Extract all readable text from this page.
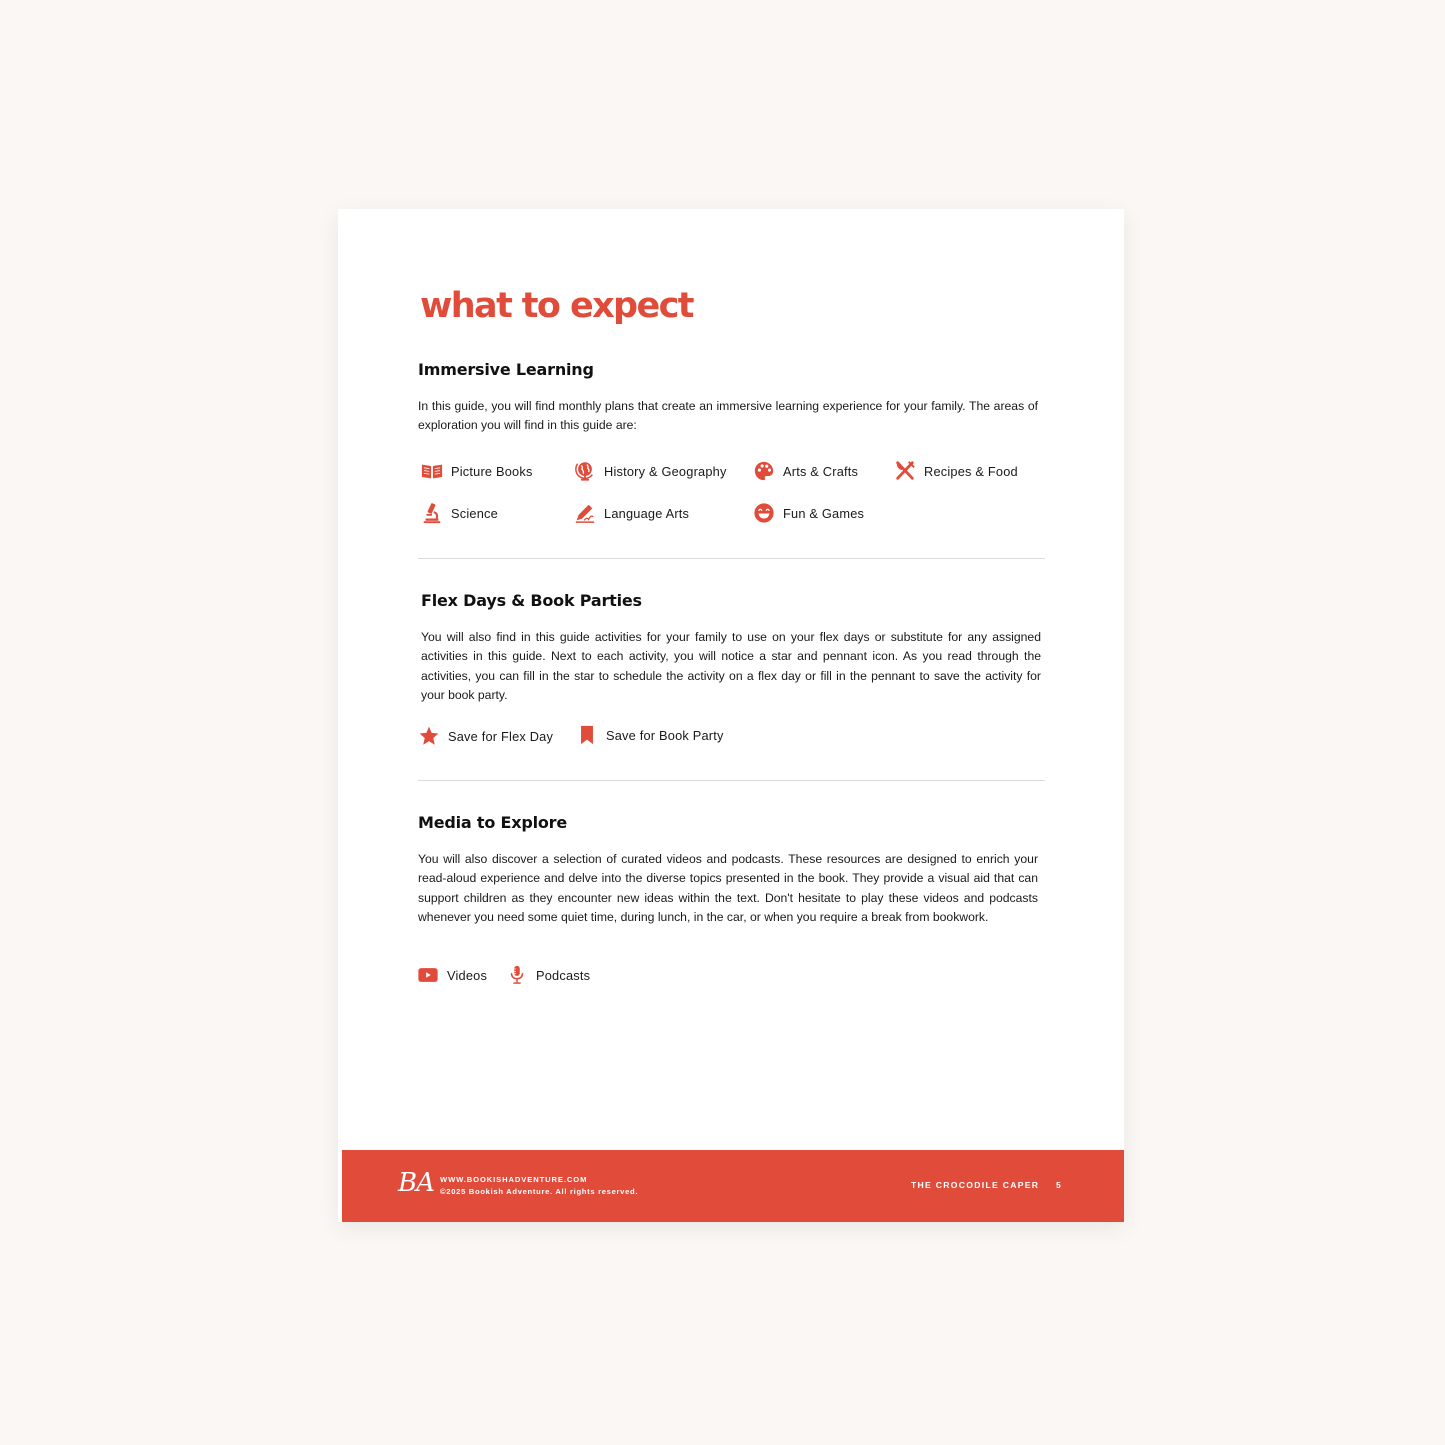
what to expect
Immersive Learning

In this guide, you will find monthly plans that create an immersive learning experience for your family. The areas of exploration you will find in this guide are:

Picture Books	History & Geography	Arts & Crafts	Recipes & Food
Science	Language Arts	Fun & Games
Flex Days & Book Parties

You will also find in this guide activities for your family to use on your flex days or substitute for any assigned activities in this guide. Next to each activity, you will notice a star and pennant icon. As you read through the activities, you can fill in the star to schedule the activity on a flex day or fill in the pennant to save the activity for your book party.

Save for Flex Day	Save for Book Party
Media to Explore

You will also discover a selection of curated videos and podcasts. These resources are designed to enrich your read-aloud experience and delve into the diverse topics presented in the book. They provide a visual aid that can support children as they encounter new ideas within the text. Don't hesitate to play these videos and podcasts whenever you need some quiet time, during lunch, in the car, or when you require a break from bookwork.

Videos	Podcasts
BA WWW.BOOKISHADVENTURE.COM
©2025 Bookish Adventure. All rights reserved.
THE CROCODILE CAPER 5
